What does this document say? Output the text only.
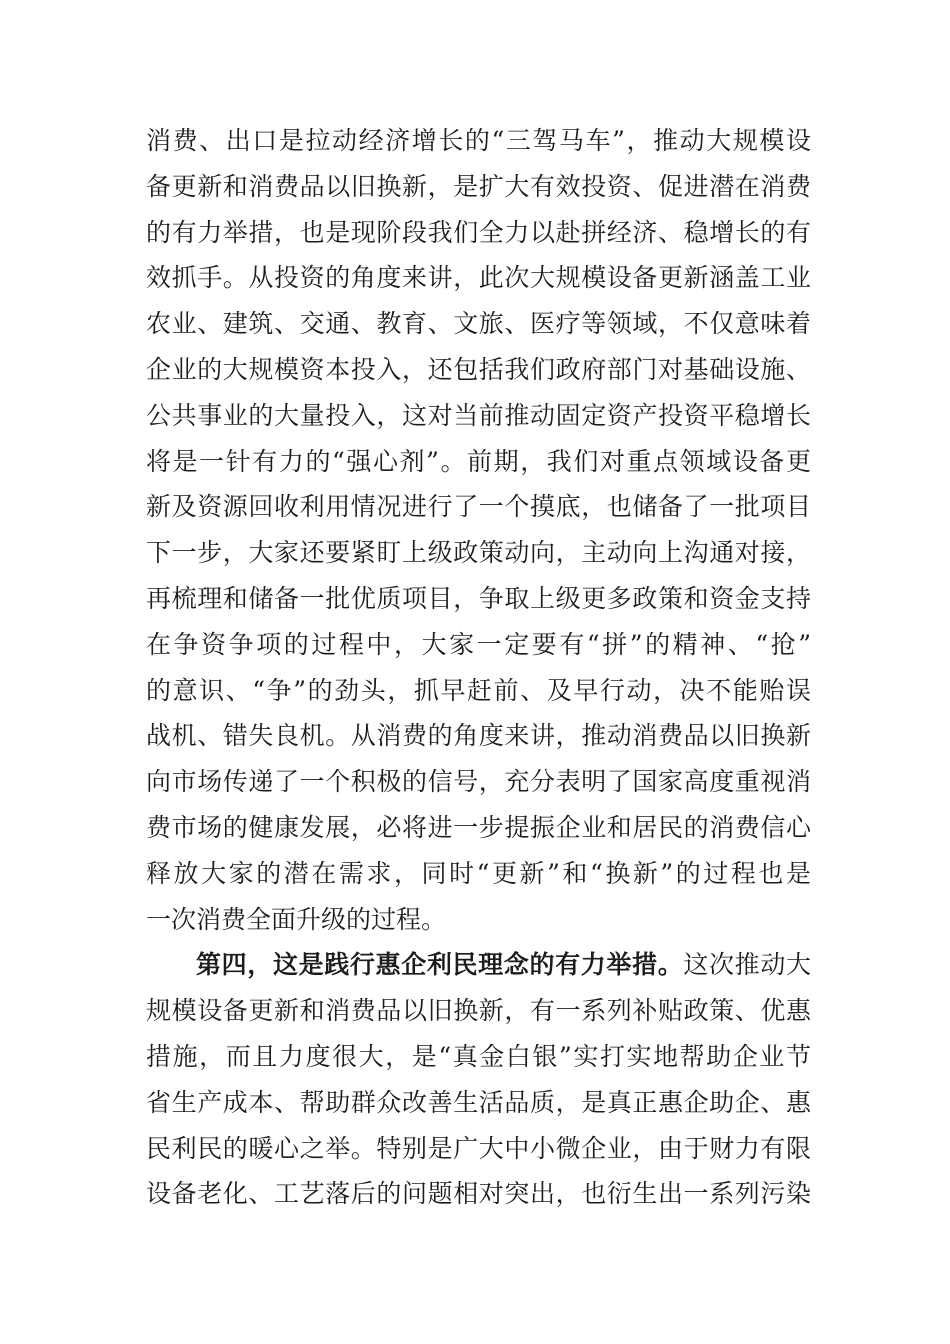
消费、出口是拉动经济增长的“三驾马车”，推动大规模设
备更新和消费品以旧换新，是扩大有效投资、促进潜在消费
的有力举措，也是现阶段我们全力以赴拼经济、稳增长的有
效抓手。从投资的角度来讲，此次大规模设备更新涵盖工业
农业、建筑、交通、教育、文旅、医疗等领域，不仅意味着
企业的大规模资本投入，还包括我们政府部门对基础设施、
公共事业的大量投入，这对当前推动固定资产投资平稳增长
将是一针有力的“强心剂”。前期，我们对重点领域设备更
新及资源回收利用情况进行了一个摸底，也储备了一批项目
下一步，大家还要紧盯上级政策动向，主动向上沟通对接，
再梳理和储备一批优质项目，争取上级更多政策和资金支持
在争资争项的过程中，大家一定要有“拼”的精神、“抢”
的意识、“争”的劲头，抓早赶前、及早行动，决不能贻误
战机、错失良机。从消费的角度来讲，推动消费品以旧换新
向市场传递了一个积极的信号，充分表明了国家高度重视消
费市场的健康发展，必将进一步提振企业和居民的消费信心
释放大家的潜在需求，同时“更新”和“换新”的过程也是
一次消费全面升级的过程。
第四，这是践行惠企利民理念的有力举措。这次推动大
规模设备更新和消费品以旧换新，有一系列补贴政策、优惠
措施，而且力度很大，是“真金白银”实打实地帮助企业节
省生产成本、帮助群众改善生活品质，是真正惠企助企、惠
民利民的暖心之举。特别是广大中小微企业，由于财力有限
设备老化、工艺落后的问题相对突出，也衍生出一系列污染
